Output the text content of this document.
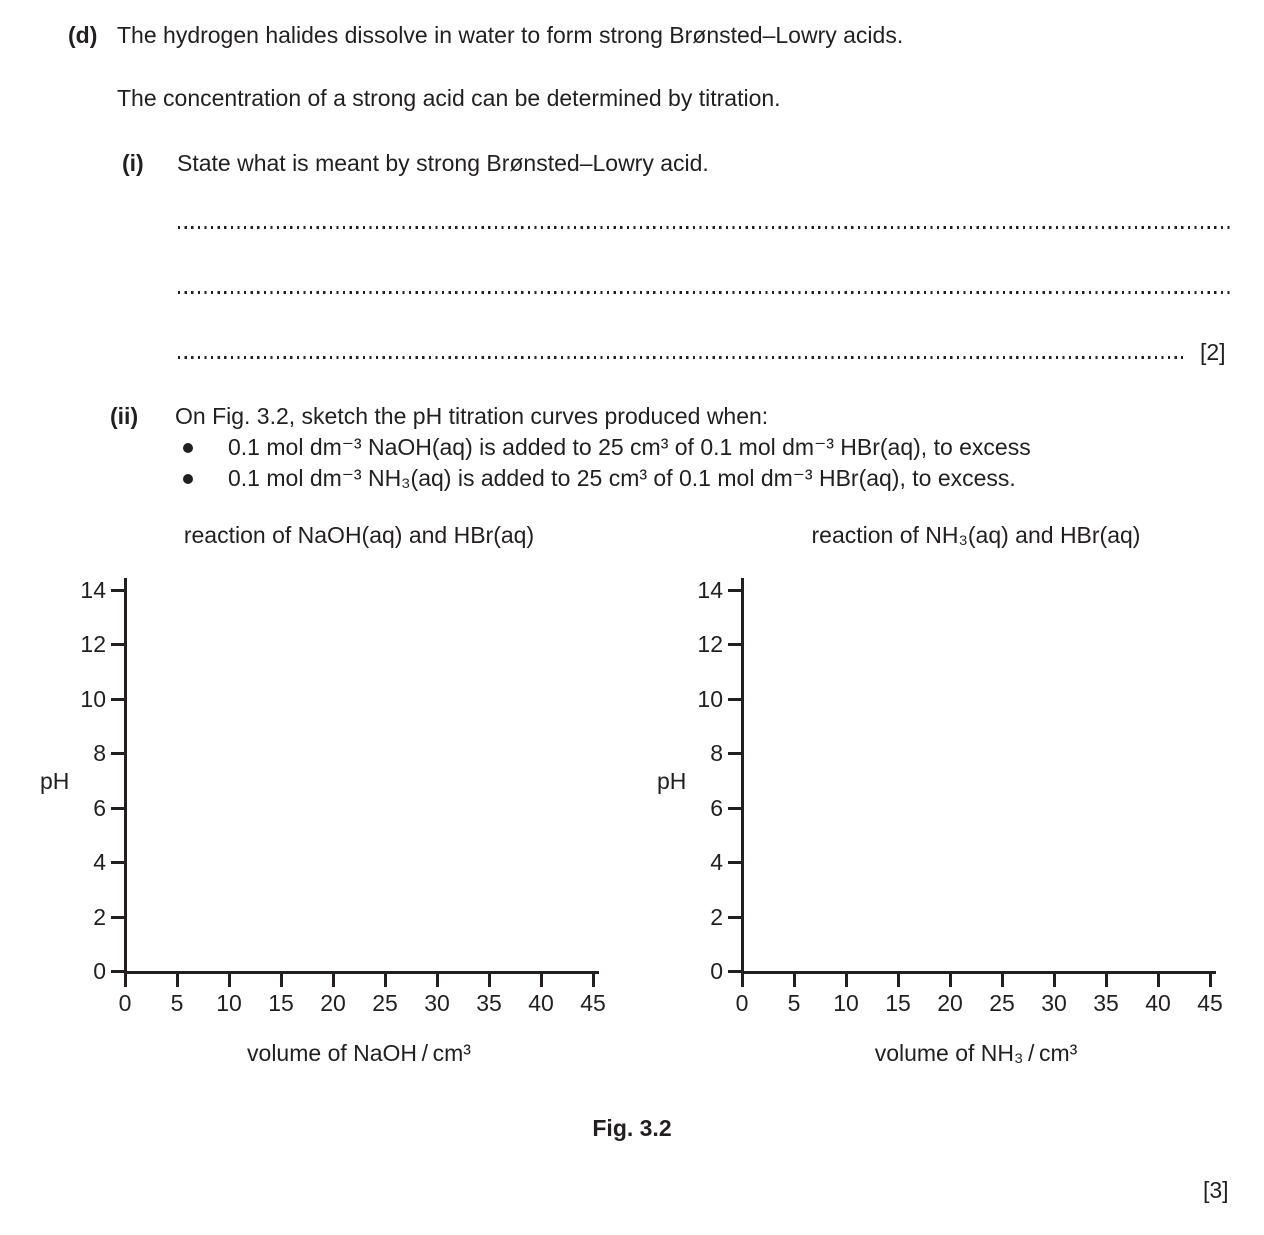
(d) The hydrogen halides dissolve in water to form strong Brønsted–Lowry acids.
The concentration of a strong acid can be determined by titration.
(i) State what is meant by strong Brønsted–Lowry acid.
[2]
(ii) On Fig. 3.2, sketch the pH titration curves produced when:
0.1 mol dm⁻³ NaOH(aq) is added to 25 cm³ of 0.1 mol dm⁻³ HBr(aq), to excess
0.1 mol dm⁻³ NH₃(aq) is added to 25 cm³ of 0.1 mol dm⁻³ HBr(aq), to excess.
reaction of NaOH(aq) and HBr(aq)
pH
volume of NaOH / cm³
0
2
4
6
8
10
12
14
0	5	10	15	20	25	30	35	40	45
reaction of NH₃(aq) and HBr(aq)
pH
volume of NH₃ / cm³
0
2
4
6
8
10
12
14
0	5	10	15	20	25	30	35	40	45
Fig. 3.2
[3]
